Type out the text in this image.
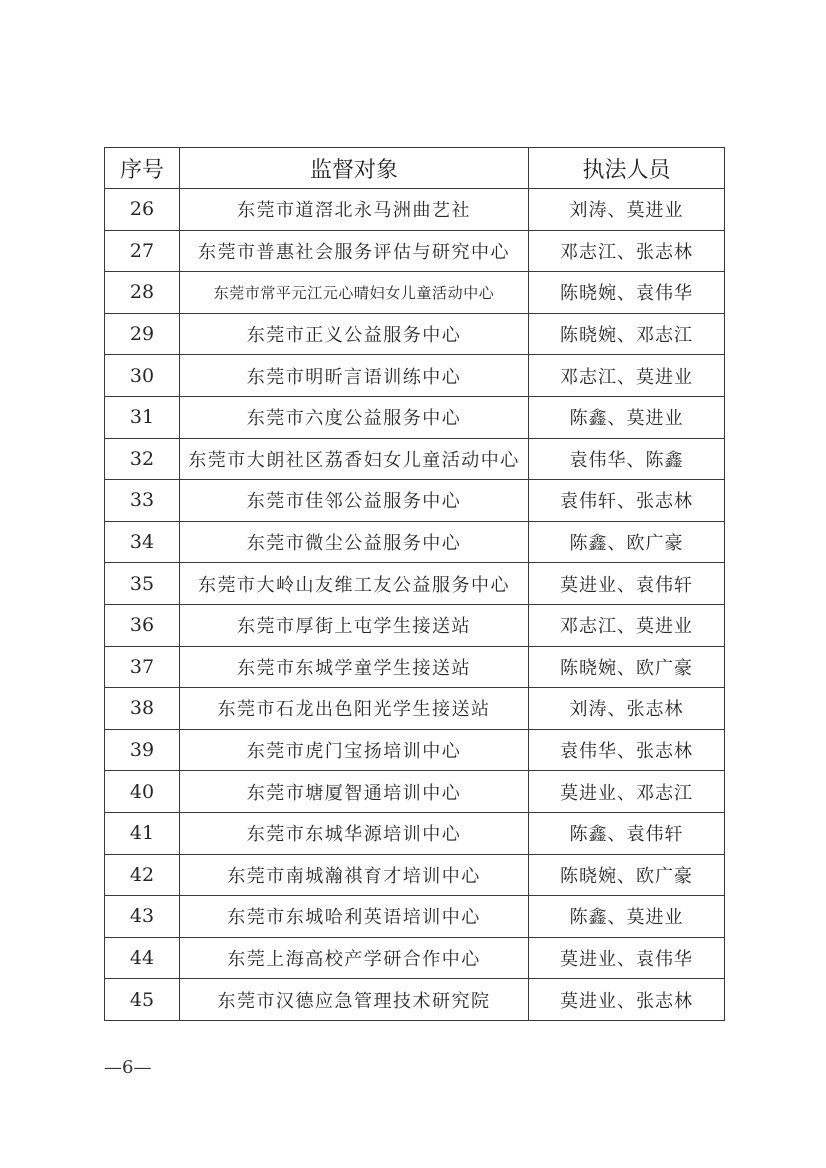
序号	监督对象	执法人员
26	东莞市道滘北永马洲曲艺社	刘涛、莫进业
27	东莞市普惠社会服务评估与研究中心	邓志江、张志林
28	东莞市常平元江元心晴妇女儿童活动中心	陈晓婉、袁伟华
29	东莞市正义公益服务中心	陈晓婉、邓志江
30	东莞市明昕言语训练中心	邓志江、莫进业
31	东莞市六度公益服务中心	陈鑫、莫进业
32	东莞市大朗社区荔香妇女儿童活动中心	袁伟华、陈鑫
33	东莞市佳邻公益服务中心	袁伟轩、张志林
34	东莞市微尘公益服务中心	陈鑫、欧广豪
35	东莞市大岭山友维工友公益服务中心	莫进业、袁伟轩
36	东莞市厚街上屯学生接送站	邓志江、莫进业
37	东莞市东城学童学生接送站	陈晓婉、欧广豪
38	东莞市石龙出色阳光学生接送站	刘涛、张志林
39	东莞市虎门宝扬培训中心	袁伟华、张志林
40	东莞市塘厦智通培训中心	莫进业、邓志江
41	东莞市东城华源培训中心	陈鑫、袁伟轩
42	东莞市南城瀚祺育才培训中心	陈晓婉、欧广豪
43	东莞市东城哈利英语培训中心	陈鑫、莫进业
44	东莞上海高校产学研合作中心	莫进业、袁伟华
45	东莞市汉德应急管理技术研究院	莫进业、张志林
—6—
